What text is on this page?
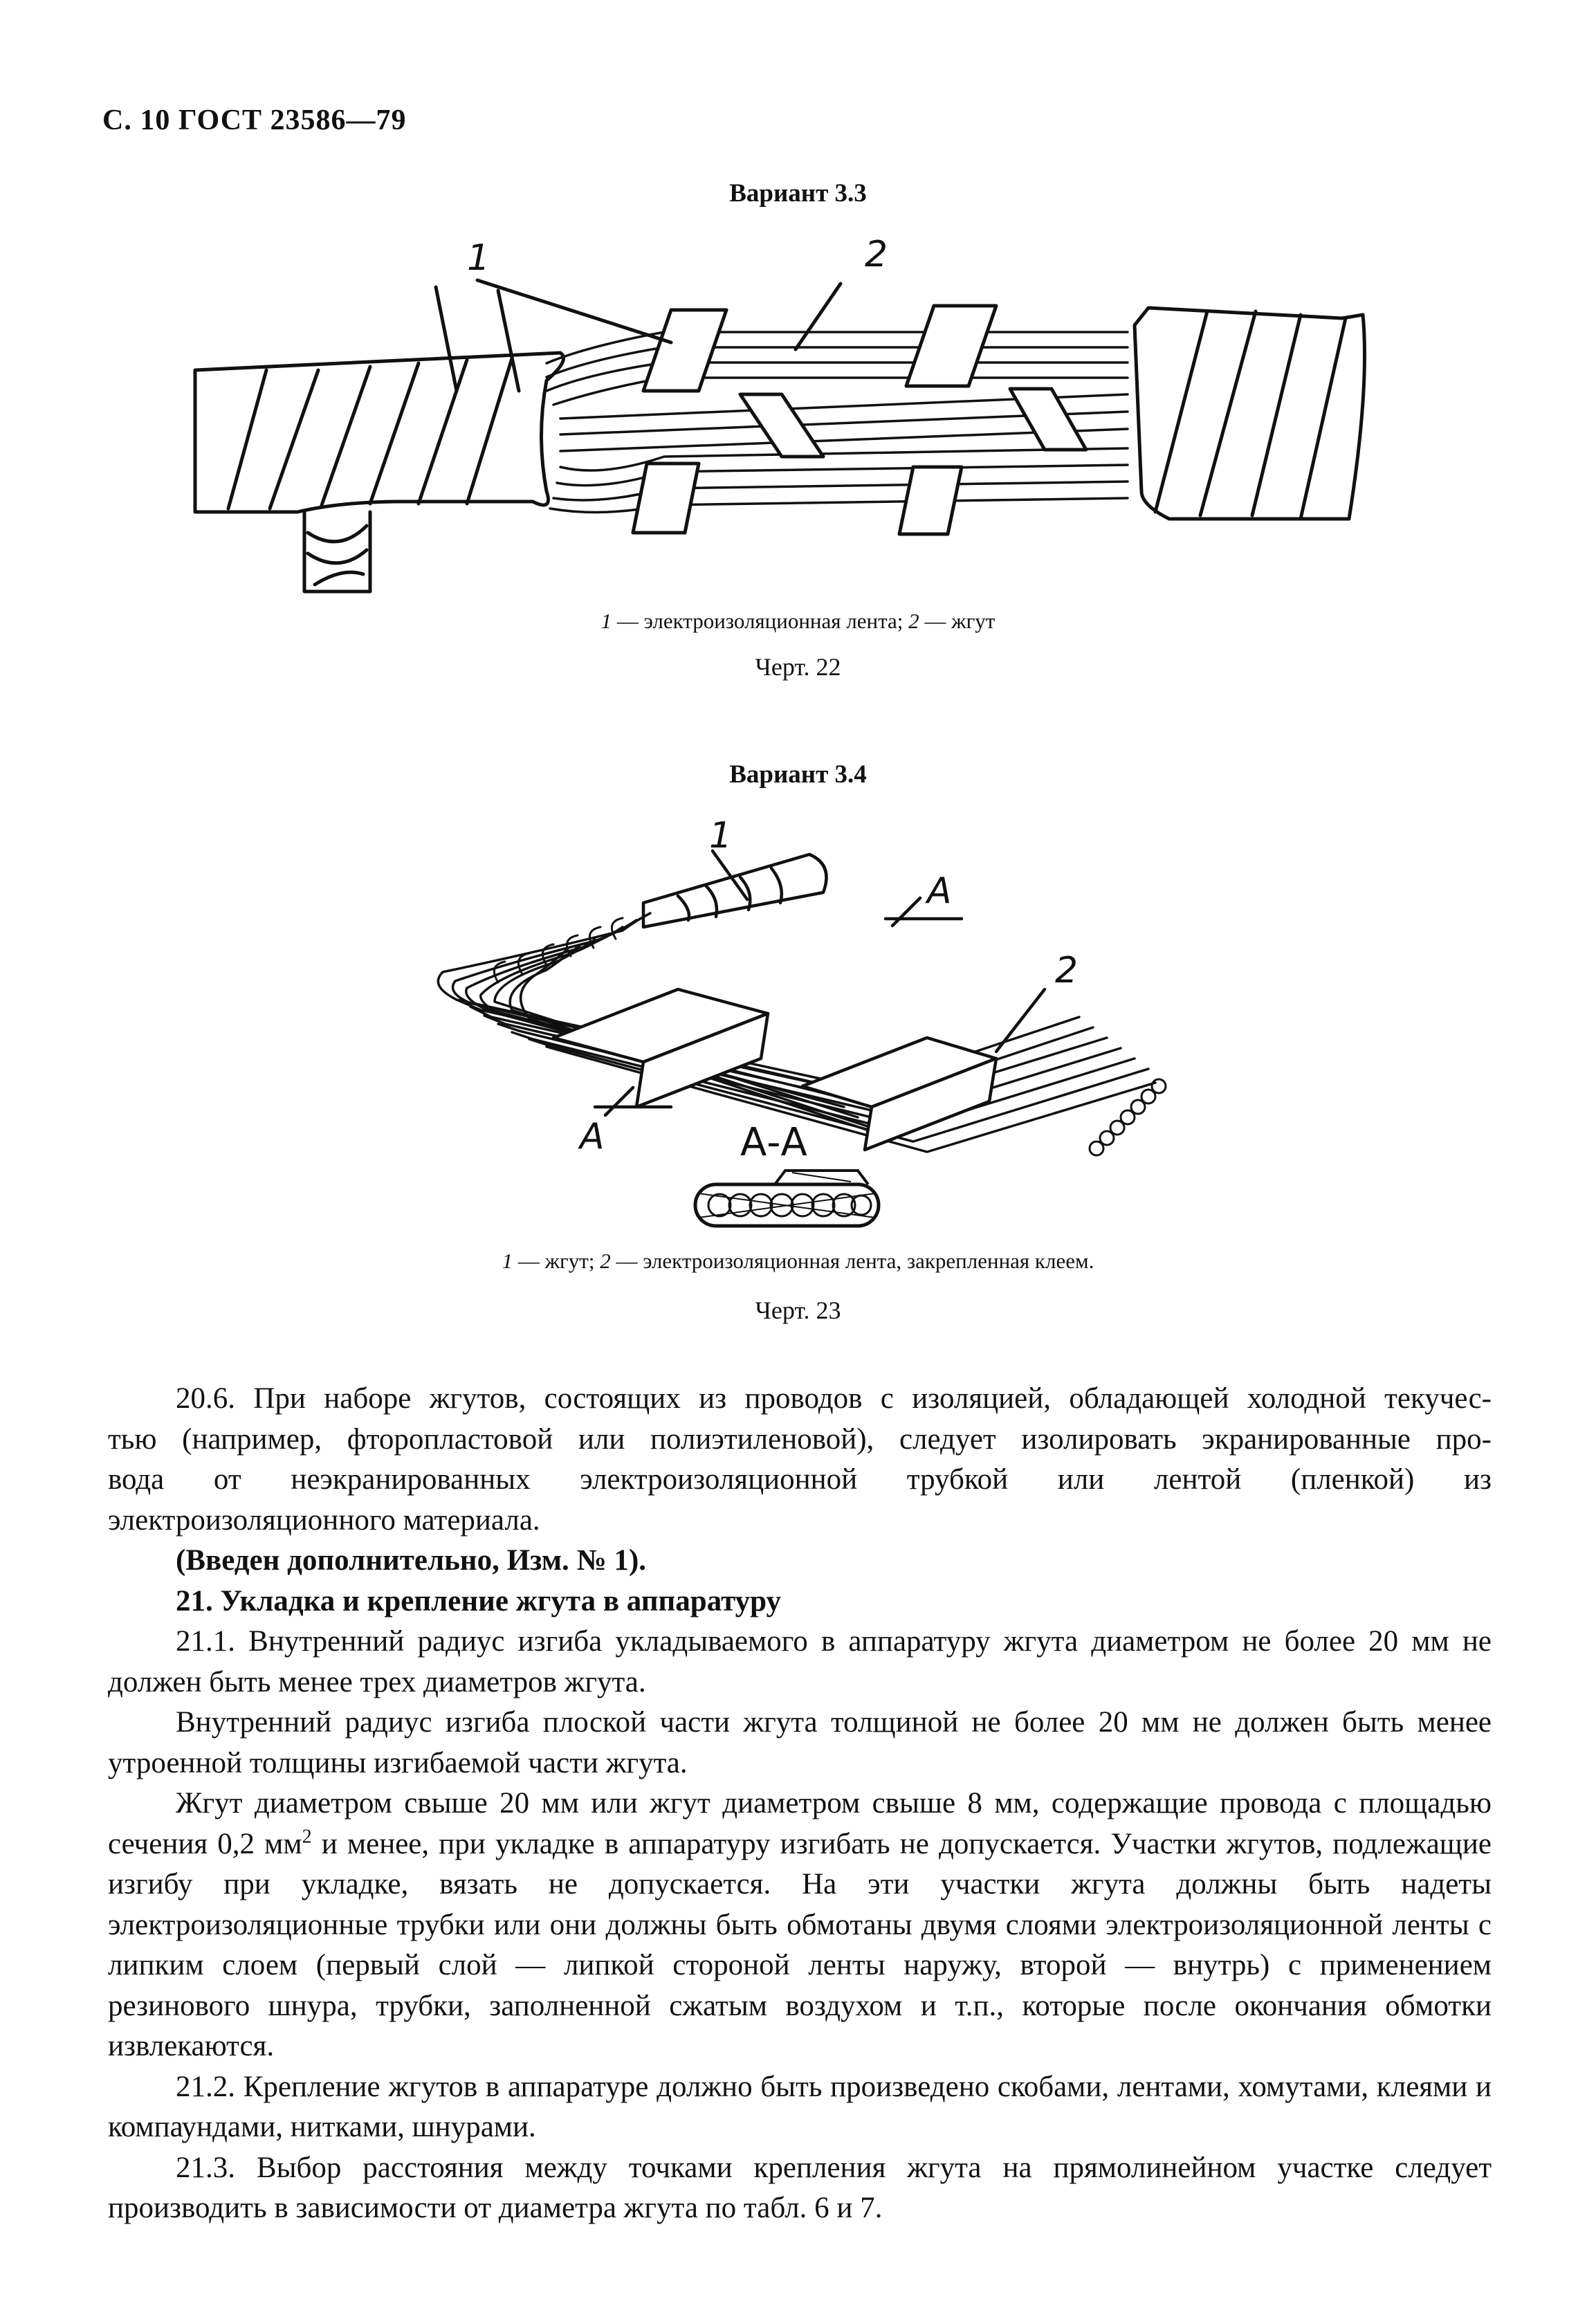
С. 10 ГОСТ 23586—79
Вариант 3.3
1	2
1 — электроизоляционная лента; 2 — жгут
Черт. 22
Вариант 3.4
1
2
А
А	А-А
1 — жгут; 2 — электроизоляционная лента, закрепленная клеем.
Черт. 23

20.6. При наборе жгутов, состоящих из проводов с изоляцией, обладающей холодной текучес-

тью (например, фторопластовой или полиэтиленовой), следует изолировать экранированные про-

вода от неэкранированных электроизоляционной трубкой или лентой (пленкой) из

электроизоляционного материала.

(Введен дополнительно, Изм. № 1).

21. Укладка и крепление жгута в аппаратуру

21.1. Внутренний радиус изгиба укладываемого в аппаратуру жгута диаметром не более 20 мм не должен быть менее трех диаметров жгута.

Внутренний радиус изгиба плоской части жгута толщиной не более 20 мм не должен быть менее утроенной толщины изгибаемой части жгута.

Жгут диаметром свыше 20 мм или жгут диаметром свыше 8 мм, содержащие провода с площадью сечения 0,2 $мм^2$ и менее, при укладке в аппаратуру изгибать не допускается. Участки жгутов, подлежащие изгибу при укладке, вязать не допускается. На эти участки жгута должны быть надеты электроизоляционные трубки или они должны быть обмотаны двумя слоями электроизоляционной ленты с липким слоем (первый слой — липкой стороной ленты наружу, второй — внутрь) с применением резинового шнура, трубки, заполненной сжатым воздухом и т.п., которые после окончания обмотки извлекаются.

21.2. Крепление жгутов в аппаратуре должно быть произведено скобами, лентами, хомутами, клеями и компаундами, нитками, шнурами.

21.3. Выбор расстояния между точками крепления жгута на прямолинейном участке следует производить в зависимости от диаметра жгута по табл. 6 и 7.
